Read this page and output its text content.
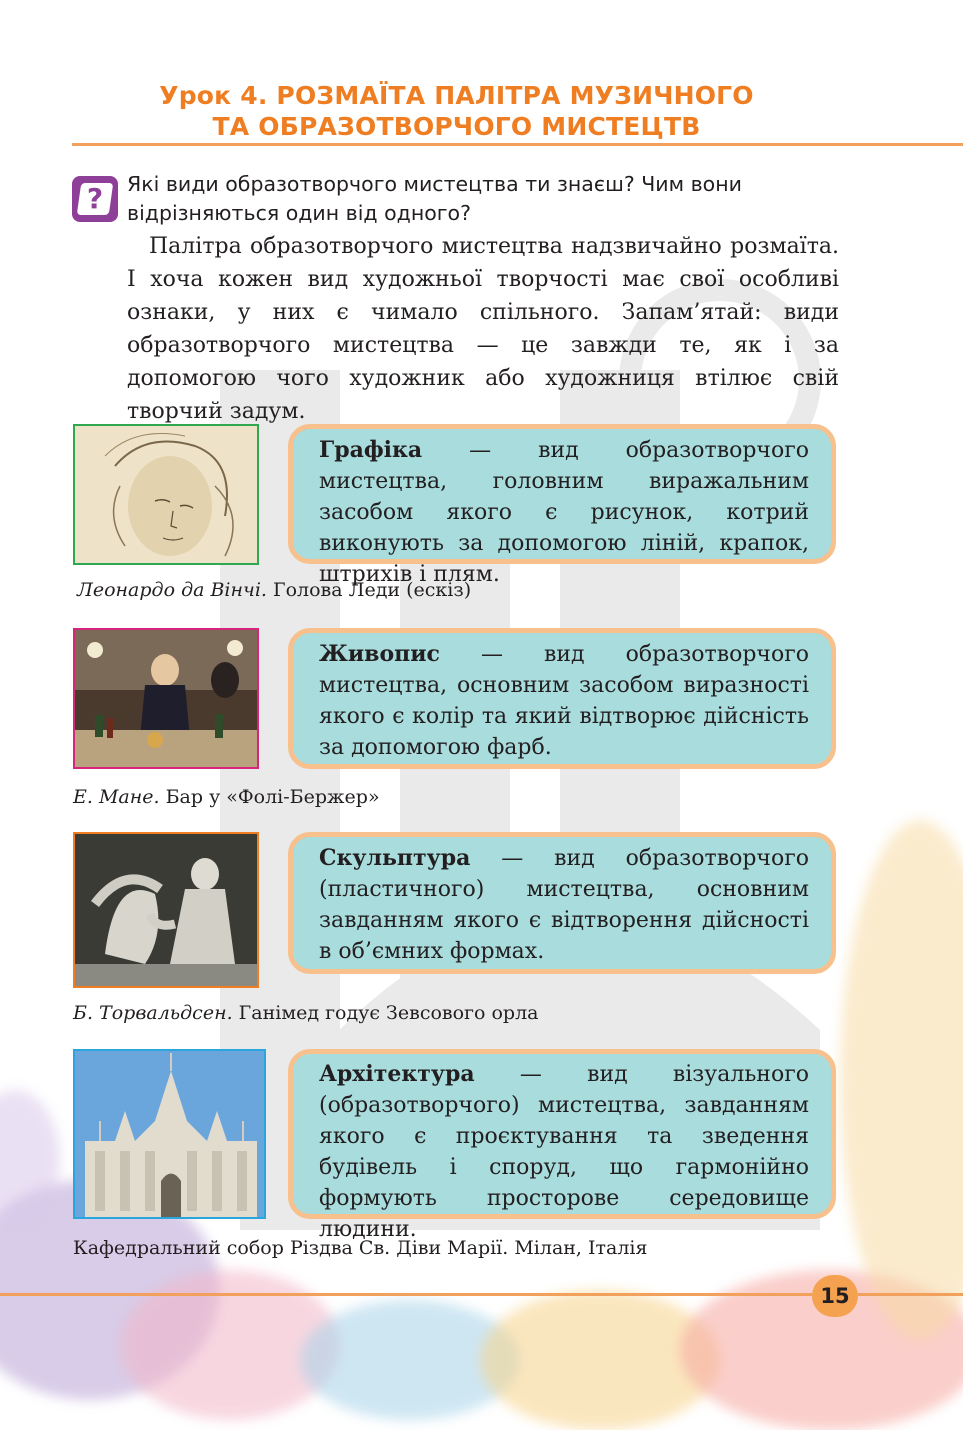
Урок 4. РОЗМАЇТА ПАЛІТРА МУЗИЧНОГО
ТА ОБРАЗОТВОРЧОГО МИСТЕЦТВ
?	Які види образотворчого мистецтва ти знаєш? Чим вони відрізняються один від одного?
Палітра образотворчого мистецтва надзвичайно розмаїта. І хоча кожен вид художньої творчості має свої особливі ознаки, у них є чимало спільного. Запам’ятай: види образотворчого мистецтва — це завжди те, як і за допомогою чого художник або художниця втілює свій творчий задум.
Графіка — вид образотворчого мистецтва, головним виражальним засобом якого є рисунок, котрий виконують за допомогою ліній, крапок, штрихів і плям.
Леонардо да Вінчі. Голова Леди (ескіз)
Живопис — вид образотворчого мистецтва, основним засобом виразності якого є колір та який відтворює дійсність за допомогою фарб.
Е. Мане. Бар у «Фолі-Бержер»
Скульптура — вид образотворчого (пластичного) мистецтва, основним завданням якого є відтворення дійсності в об’ємних формах.
Б. Торвальдсен. Ганімед годує Зевсового орла
Архітектура — вид візуального (образотворчого) мистецтва, завданням якого є проєктування та зведення будівель і споруд, що гармонійно формують просторове середовище людини.
Кафедральний собор Різдва Св. Діви Марії. Мілан, Італія
15
